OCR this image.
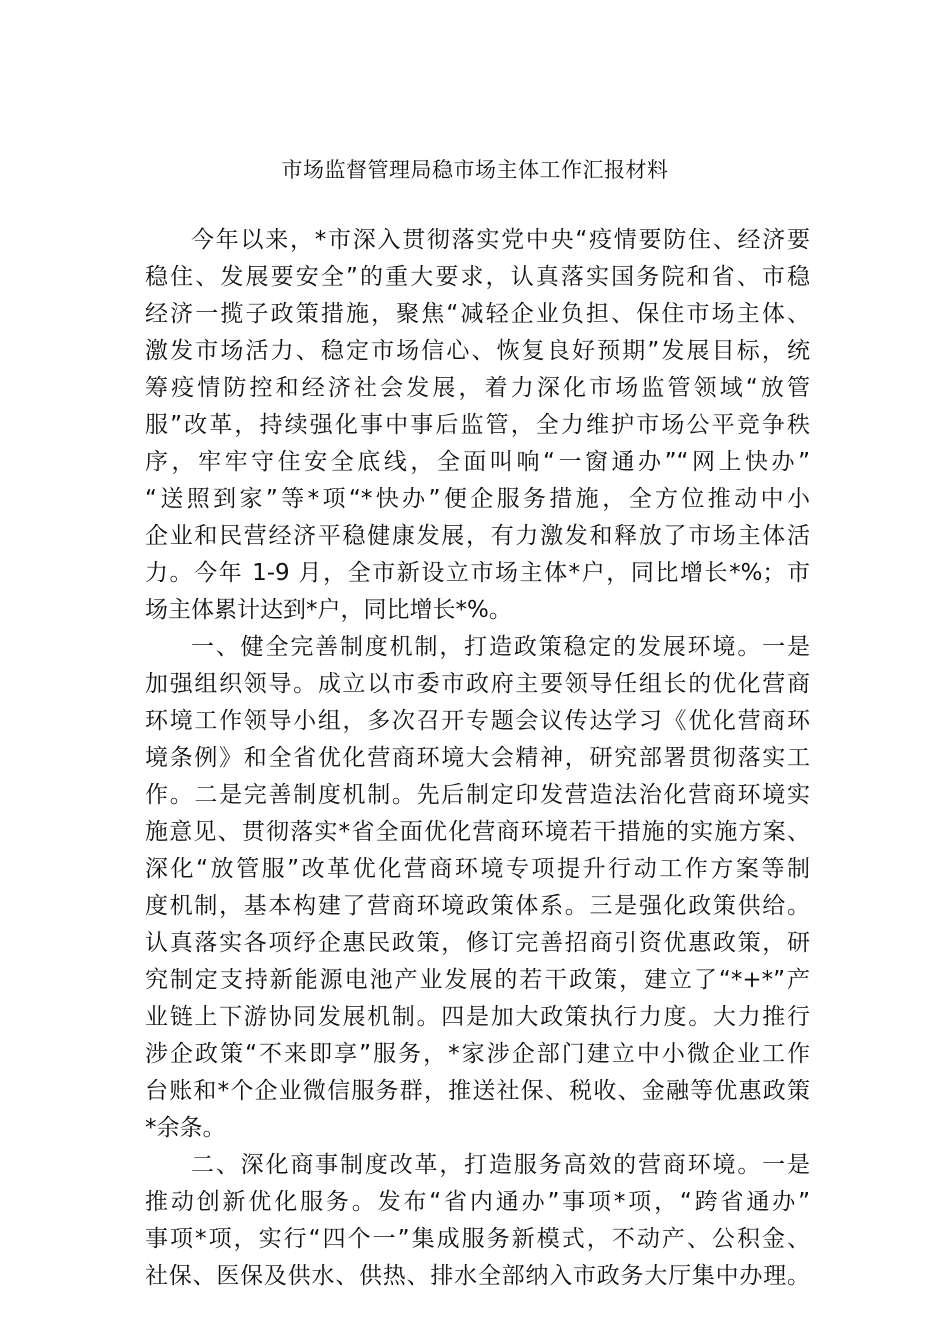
市场监督管理局稳市场主体工作汇报材料
今年以来，*市深入贯彻落实党中央“疫情要防住、经济要
稳住、发展要安全”的重大要求，认真落实国务院和省、市稳
经济一揽子政策措施，聚焦“减轻企业负担、保住市场主体、
激发市场活力、稳定市场信心、恢复良好预期”发展目标，统
筹疫情防控和经济社会发展，着力深化市场监管领域“放管
服”改革，持续强化事中事后监管，全力维护市场公平竞争秩
序，牢牢守住安全底线，全面叫响“一窗通办”“网上快办”
“送照到家”等*项“*快办”便企服务措施，全方位推动中小
企业和民营经济平稳健康发展，有力激发和释放了市场主体活
力。今年 1-9 月，全市新设立市场主体*户，同比增长*%；市
场主体累计达到*户，同比增长*%。
一、健全完善制度机制，打造政策稳定的发展环境。一是
加强组织领导。成立以市委市政府主要领导任组长的优化营商
环境工作领导小组，多次召开专题会议传达学习《优化营商环
境条例》和全省优化营商环境大会精神，研究部署贯彻落实工
作。二是完善制度机制。先后制定印发营造法治化营商环境实
施意见、贯彻落实*省全面优化营商环境若干措施的实施方案、
深化“放管服”改革优化营商环境专项提升行动工作方案等制
度机制，基本构建了营商环境政策体系。三是强化政策供给。
认真落实各项纾企惠民政策，修订完善招商引资优惠政策，研
究制定支持新能源电池产业发展的若干政策，建立了“*+*”产
业链上下游协同发展机制。四是加大政策执行力度。大力推行
涉企政策“不来即享”服务，*家涉企部门建立中小微企业工作
台账和*个企业微信服务群，推送社保、税收、金融等优惠政策
*余条。
二、深化商事制度改革，打造服务高效的营商环境。一是
推动创新优化服务。发布“省内通办”事项*项，“跨省通办”
事项*项，实行“四个一”集成服务新模式，不动产、公积金、
社保、医保及供水、供热、排水全部纳入市政务大厅集中办理。
